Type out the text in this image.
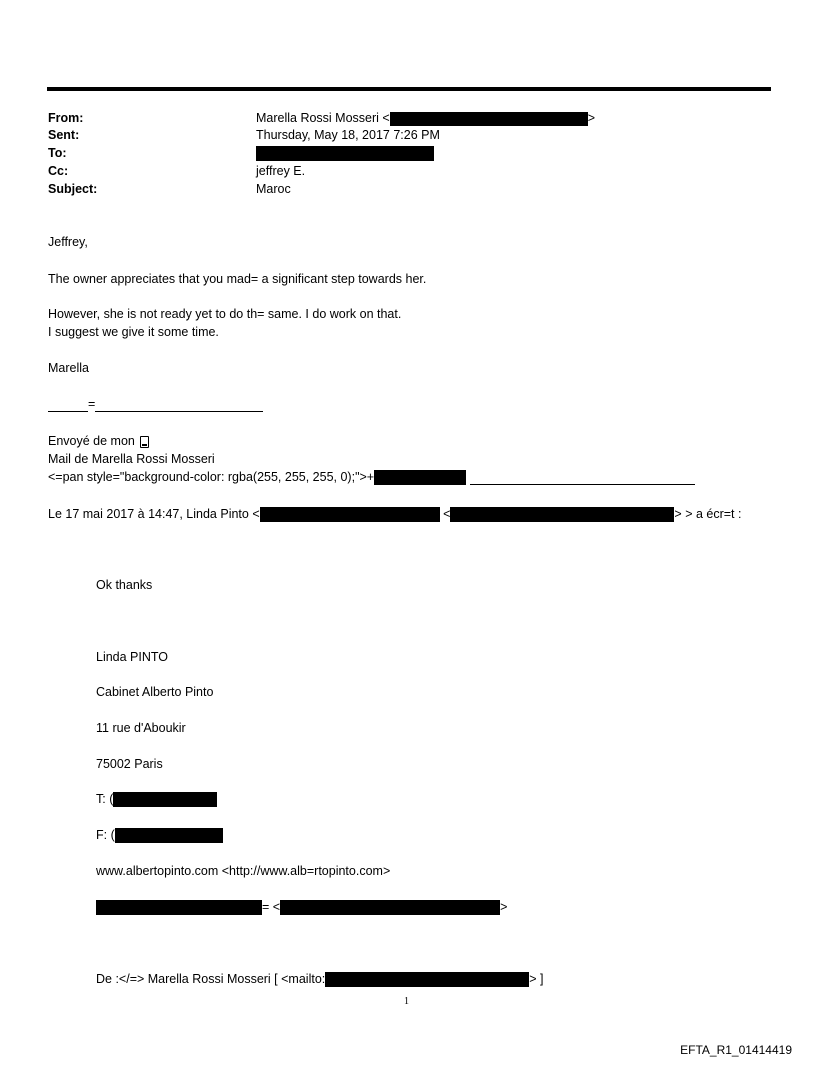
From:	Marella Rossi Mosseri <	>
Sent:	Thursday, May 18, 2017 7:26 PM
To:
Cc:	jeffrey E.
Subject:	Maroc
Jeffrey,
The owner appreciates that you mad= a significant step towards her.
However, she is not ready yet to do th= same. I do work on that.
I suggest we give it some time.
Marella
=
Envoyé de mon
Mail de Marella Rossi Mosseri
<=pan style="background-color: rgba(255, 255, 255, 0);">+
Le 17 mai 2017 à 14:47, Linda Pinto <	<	> > a écr=t :
Ok thanks
Linda PINTO
Cabinet Alberto Pinto
11 rue d'Aboukir
75002 Paris
T: (
F: (
www.albertopinto.com <http://www.alb=rtopinto.com>
= <	>
De :</=> Marella Rossi Mosseri [ <mailto:	> ]
1
EFTA_R1_01414419
